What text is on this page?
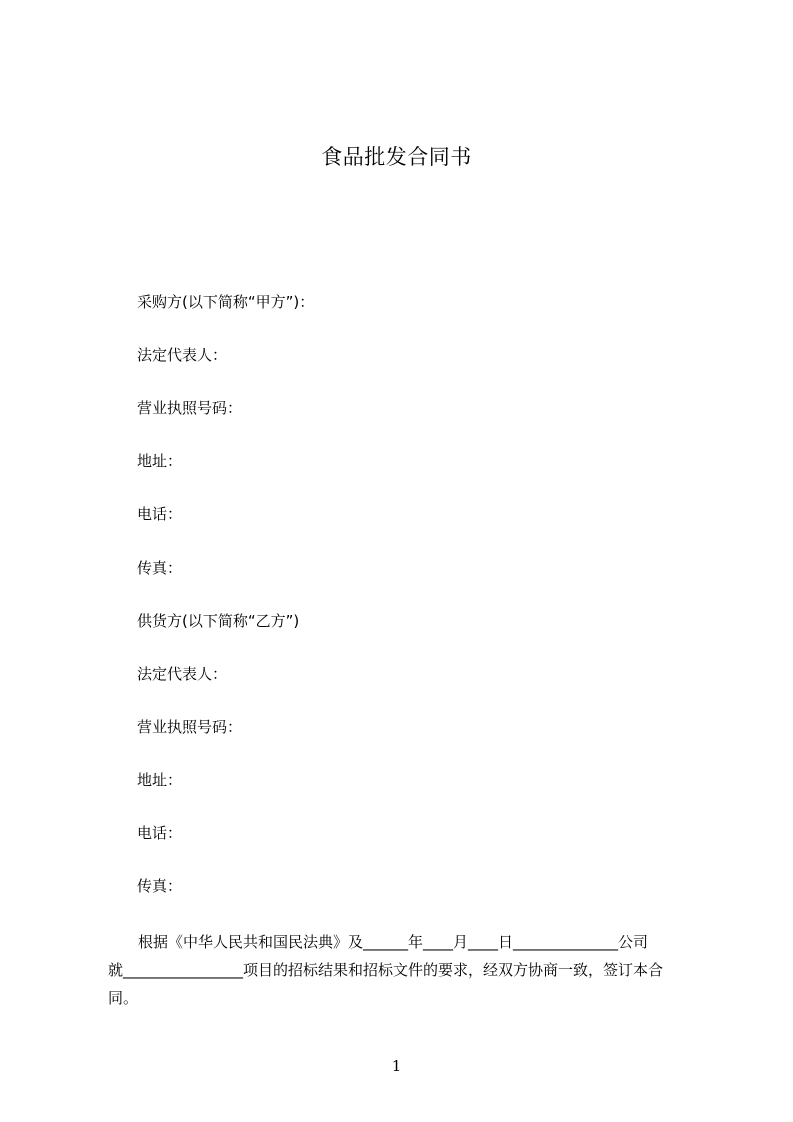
食品批发合同书
采购方(以下简称“甲方”)：
法定代表人：
营业执照号码：
地址：
电话：
传真：
供货方(以下简称“乙方”)
法定代表人：
营业执照号码：
地址：
电话：
传真：
根据《中华人民共和国民法典》及______年____月____日______________公司
就________________项目的招标结果和招标文件的要求，经双方协商一致，签订本合
同。
1
